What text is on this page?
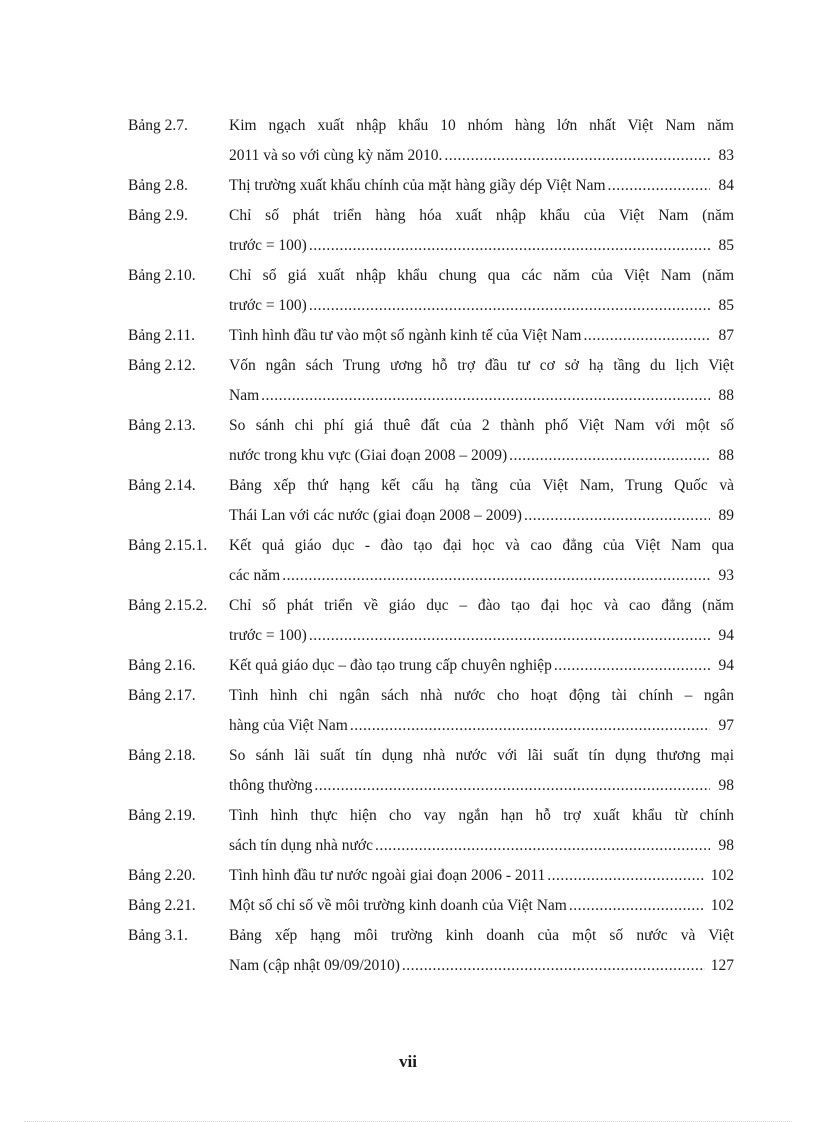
Bảng 2.7.	Kim ngạch xuất nhập khẩu 10 nhóm hàng lớn nhất Việt Nam năm
2011 và so với cùng kỳ năm 2010. .....	83
Bảng 2.8.	Thị trường xuất khẩu chính của mặt hàng giầy dép Việt Nam .....	84
Bảng 2.9.	Chỉ số phát triển hàng hóa xuất nhập khẩu của Việt Nam (năm
trước = 100) .....	85
Bảng 2.10.	Chỉ số giá xuất nhập khẩu chung qua các năm của Việt Nam (năm
trước = 100) .....	85
Bảng 2.11.	Tình hình đầu tư vào một số ngành kinh tế của Việt Nam .....	87
Bảng 2.12.	Vốn ngân sách Trung ương hỗ trợ đầu tư cơ sở hạ tầng du lịch Việt
Nam .....	88
Bảng 2.13.	So sánh chi phí giá thuê đất của 2 thành phố Việt Nam với một số
nước trong khu vực (Giai đoạn 2008 – 2009) .....	88
Bảng 2.14.	Bảng xếp thứ hạng kết cấu hạ tầng của Việt Nam, Trung Quốc và
Thái Lan với các nước (giai đoạn 2008 – 2009) .....	89
Bảng 2.15.1.	Kết quả giáo dục - đào tạo đại học và cao đẳng của Việt Nam qua
các năm .....	93
Bảng 2.15.2.	Chỉ số phát triển về giáo dục – đào tạo đại học và cao đẳng (năm
trước = 100) .....	94
Bảng 2.16.	Kết quả giáo dục – đào tạo trung cấp chuyên nghiệp .....	94
Bảng 2.17.	Tình hình chi ngân sách nhà nước cho hoạt động tài chính – ngân
hàng của Việt Nam .....	97
Bảng 2.18.	So sánh lãi suất tín dụng nhà nước với lãi suất tín dụng thương mại
thông thường .....	98
Bảng 2.19.	Tình hình thực hiện cho vay ngắn hạn hỗ trợ xuất khẩu từ chính
sách tín dụng nhà nước .....	98
Bảng 2.20.	Tình hình đầu tư nước ngoài giai đoạn 2006 - 2011 .....	102
Bảng 2.21.	Một số chỉ số về môi trường kinh doanh của Việt Nam .....	102
Bảng 3.1.	Bảng xếp hạng môi trường kinh doanh của một số nước và Việt
Nam (cập nhật 09/09/2010) .....	127
vii
